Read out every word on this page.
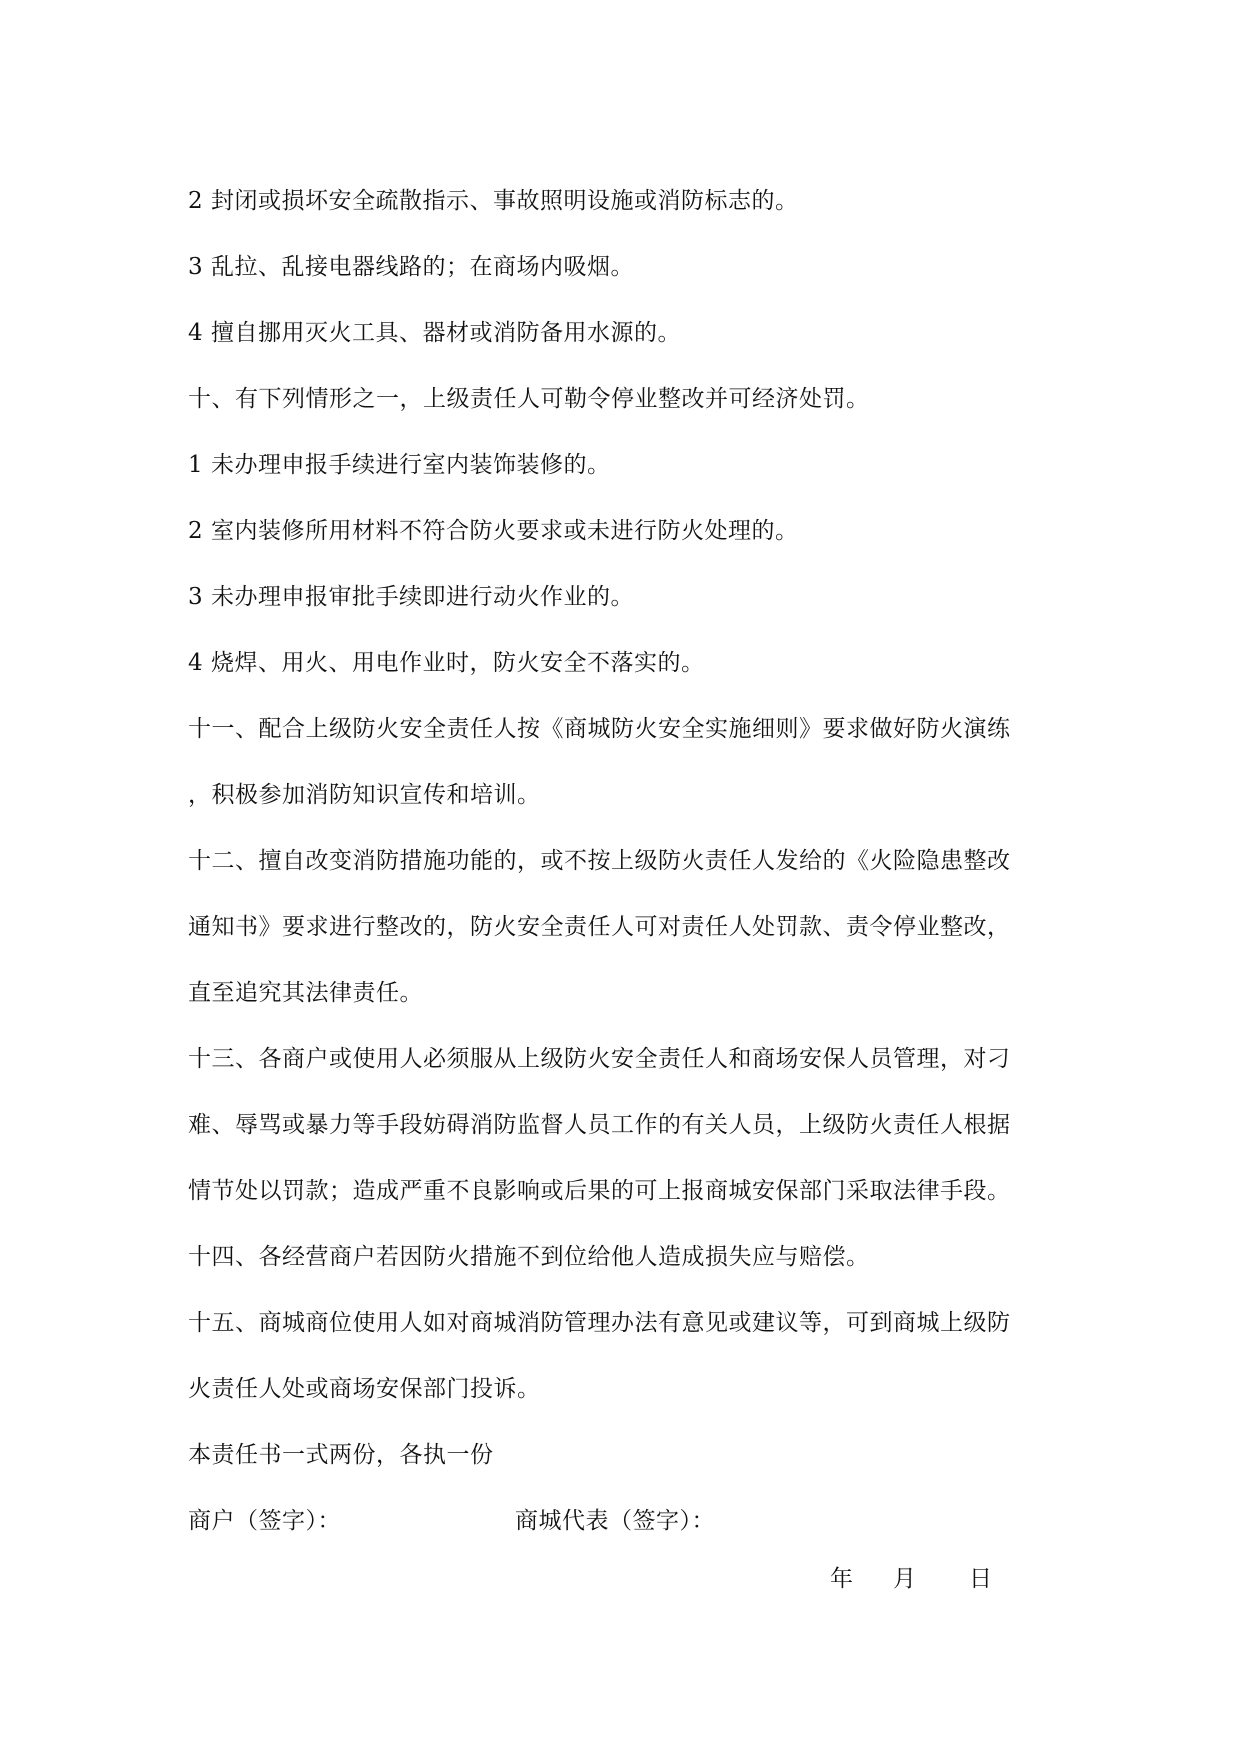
2 封闭或损坏安全疏散指示、事故照明设施或消防标志的。
3 乱拉、乱接电器线路的；在商场内吸烟。
4 擅自挪用灭火工具、器材或消防备用水源的。
十、有下列情形之一，上级责任人可勒令停业整改并可经济处罚。
1 未办理申报手续进行室内装饰装修的。
2 室内装修所用材料不符合防火要求或未进行防火处理的。
3 未办理申报审批手续即进行动火作业的。
4 烧焊、用火、用电作业时，防火安全不落实的。
十一、配合上级防火安全责任人按《商城防火安全实施细则》要求做好防火演练
，积极参加消防知识宣传和培训。
十二、擅自改变消防措施功能的，或不按上级防火责任人发给的《火险隐患整改
通知书》要求进行整改的，防火安全责任人可对责任人处罚款、责令停业整改，
直至追究其法律责任。
十三、各商户或使用人必须服从上级防火安全责任人和商场安保人员管理，对刁
难、辱骂或暴力等手段妨碍消防监督人员工作的有关人员，上级防火责任人根据
情节处以罚款；造成严重不良影响或后果的可上报商城安保部门采取法律手段。
十四、各经营商户若因防火措施不到位给他人造成损失应与赔偿。
十五、商城商位使用人如对商城消防管理办法有意见或建议等，可到商城上级防
火责任人处或商场安保部门投诉。
本责任书一式两份，各执一份
商户（签字）：	商城代表（签字）：
年 月 日
